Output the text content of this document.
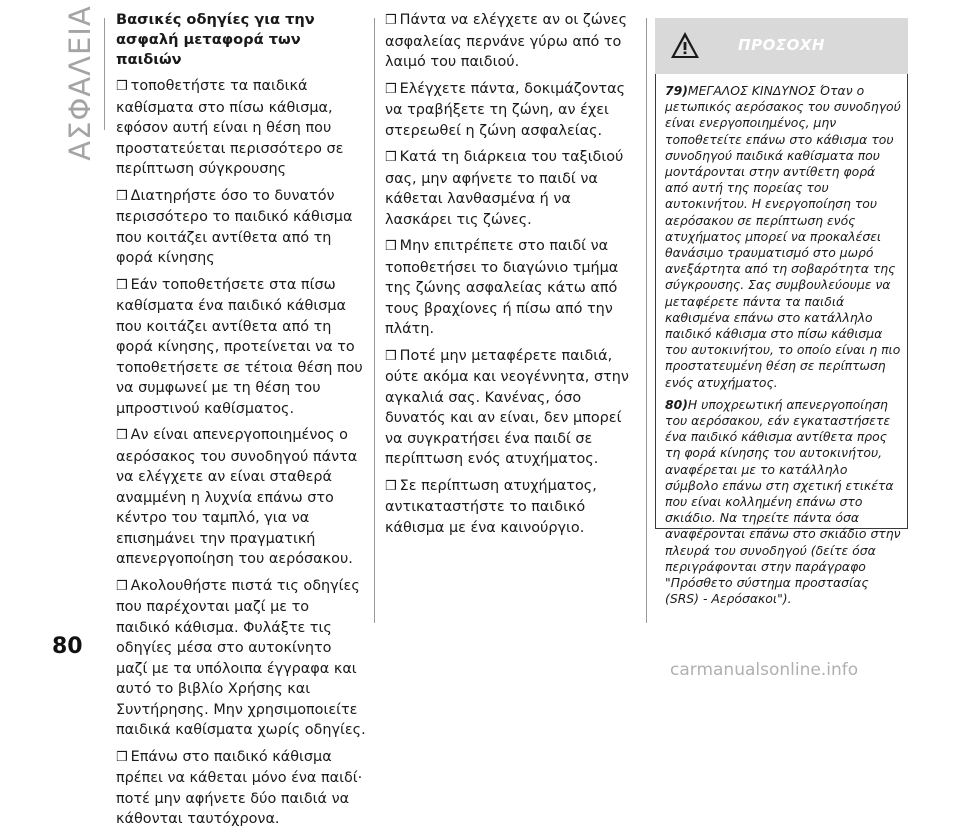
ΑΣΦΑΛΕΙΑ Βασικές οδηγίες για την ασφαλή μεταφορά των παιδιών
❒ τοποθετήστε τα παιδικά καθίσματα στο πίσω κάθισμα, εφόσον αυτή είναι η θέση που προστατεύεται περισσότερο σε περίπτωση σύγκρουσης
❒ Διατηρήστε όσο το δυνατόν περισσότερο το παιδικό κάθισμα που κοιτάζει αντίθετα από τη φορά κίνησης
❒ Εάν τοποθετήσετε στα πίσω καθίσματα ένα παιδικό κάθισμα που κοιτάζει αντίθετα από τη φορά κίνησης, προτείνεται να το τοποθετήσετε σε τέτοια θέση που να συμφωνεί με τη θέση του μπροστινού καθίσματος.
❒ Αν είναι απενεργοποιημένος ο αερόσακος του συνοδηγού πάντα να ελέγχετε αν είναι σταθερά αναμμένη η λυχνία επάνω στο κέντρο του ταμπλό, για να επισημάνει την πραγματική απενεργοποίηση του αερόσακου.
❒ Ακολουθήστε πιστά τις οδηγίες που παρέχονται μαζί με το παιδικό κάθισμα. Φυλάξτε τις οδηγίες μέσα στο αυτοκίνητο μαζί με τα υπόλοιπα έγγραφα και αυτό το βιβλίο Χρήσης και Συντήρησης. Μην χρησιμοποιείτε παιδικά καθίσματα χωρίς οδηγίες.
❒ Επάνω στο παιδικό κάθισμα πρέπει να κάθεται μόνο ένα παιδί· ποτέ μην αφήνετε δύο παιδιά να κάθονται ταυτόχρονα.
❒ Πάντα να ελέγχετε αν οι ζώνες ασφαλείας περνάνε γύρω από το λαιμό του παιδιού.
❒ Ελέγχετε πάντα, δοκιμάζοντας να τραβήξετε τη ζώνη, αν έχει στερεωθεί η ζώνη ασφαλείας.
❒ Κατά τη διάρκεια του ταξιδιού σας, μην αφήνετε το παιδί να κάθεται λανθασμένα ή να λασκάρει τις ζώνες.
❒ Μην επιτρέπετε στο παιδί να τοποθετήσει το διαγώνιο τμήμα της ζώνης ασφαλείας κάτω από τους βραχίονες ή πίσω από την πλάτη.
❒ Ποτέ μην μεταφέρετε παιδιά, ούτε ακόμα και νεογέννητα, στην αγκαλιά σας. Κανένας, όσο δυνατός και αν είναι, δεν μπορεί να συγκρατήσει ένα παιδί σε περίπτωση ενός ατυχήματος.
❒ Σε περίπτωση ατυχήματος, αντικαταστήστε το παιδικό κάθισμα με ένα καινούργιο.
ΠΡΟΣΟΧΗ

79)ΜΕΓΑΛΟΣ ΚΙΝΔΥΝΟΣ Όταν ο μετωπικός αερόσακος του συνοδηγού είναι ενεργοποιημένος, μην τοποθετείτε επάνω στο κάθισμα του συνοδηγού παιδικά καθίσματα που μοντάρονται στην αντίθετη φορά από αυτή της πορείας του αυτοκινήτου. Η ενεργοποίηση του αερόσακου σε περίπτωση ενός ατυχήματος μπορεί να προκαλέσει θανάσιμο τραυματισμό στο μωρό ανεξάρτητα από τη σοβαρότητα της σύγκρουσης. Σας συμβουλεύουμε να μεταφέρετε πάντα τα παιδιά καθισμένα επάνω στο κατάλληλο παιδικό κάθισμα στο πίσω κάθισμα του αυτοκινήτου, το οποίο είναι η πιο προστατευμένη θέση σε περίπτωση ενός ατυχήματος.

80)Η υποχρεωτική απενεργοποίηση του αερόσακου, εάν εγκαταστήσετε ένα παιδικό κάθισμα αντίθετα προς τη φορά κίνησης του αυτοκινήτου, αναφέρεται με το κατάλληλο σύμβολο επάνω στη σχετική ετικέτα που είναι κολλημένη επάνω στο σκιάδιο. Να τηρείτε πάντα όσα αναφέρονται επάνω στο σκιάδιο στην πλευρά του συνοδηγού (δείτε όσα περιγράφονται στην παράγραφο "Πρόσθετο σύστημα προστασίας (SRS) - Αερόσακοι").

80
carmanualsonline.info
